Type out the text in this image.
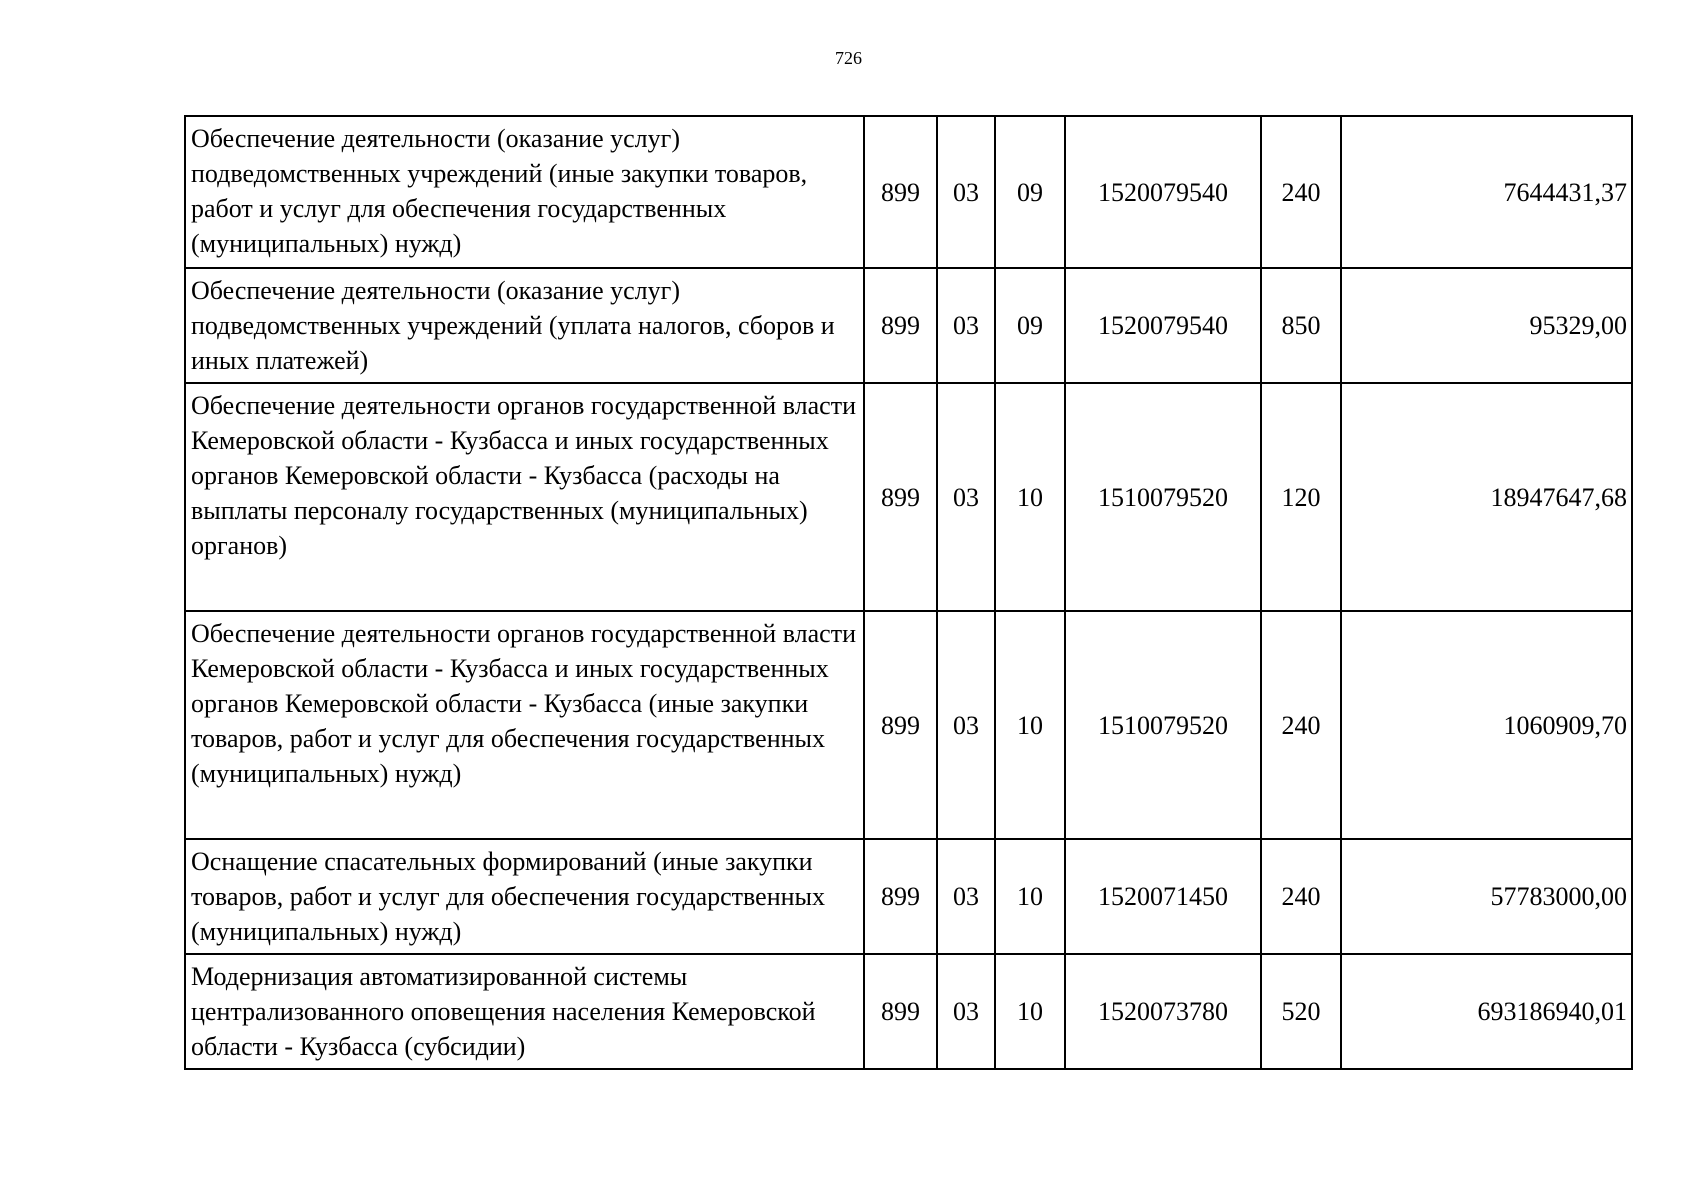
726
Обеспечение деятельности (оказание услуг) подведомственных учреждений (иные закупки товаров, работ и услуг для обеспечения государственных (муниципальных) нужд)	899	03	09	1520079540	240	7644431,37
Обеспечение деятельности (оказание услуг) подведомственных учреждений (уплата налогов, сборов и иных платежей)	899	03	09	1520079540	850	95329,00
Обеспечение деятельности органов государственной власти Кемеровской области - Кузбасса и иных государственных органов Кемеровской области - Кузбасса (расходы на выплаты персоналу государственных (муниципальных) органов)	899	03	10	1510079520	120	18947647,68
Обеспечение деятельности органов государственной власти Кемеровской области - Кузбасса и иных государственных органов Кемеровской области - Кузбасса (иные закупки товаров, работ и услуг для обеспечения государственных (муниципальных) нужд)	899	03	10	1510079520	240	1060909,70
Оснащение спасательных формирований (иные закупки товаров, работ и услуг для обеспечения государственных (муниципальных) нужд)	899	03	10	1520071450	240	57783000,00
Модернизация автоматизированной системы централизованного оповещения населения Кемеровской области - Кузбасса (субсидии)	899	03	10	1520073780	520	693186940,01
